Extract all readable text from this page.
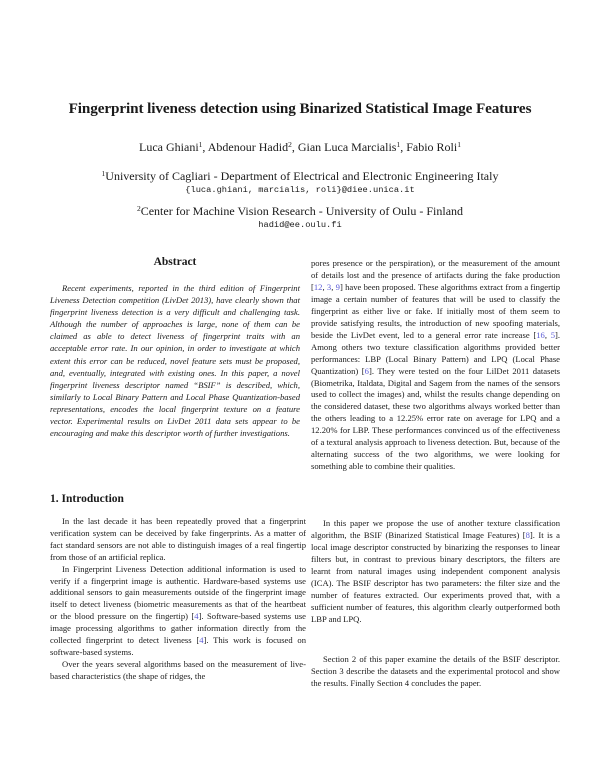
Fingerprint liveness detection using Binarized Statistical Image Features
Luca Ghiani$^1$, Abdenour Hadid$^2$, Gian Luca Marcialis$^1$, Fabio Roli$^1$
$^1$University of Cagliari - Department of Electrical and Electronic Engineering Italy
{luca.ghiani, marcialis, roli}@diee.unica.it
$^2$Center for Machine Vision Research - University of Oulu - Finland
hadid@ee.oulu.fi
Abstract

Recent experiments, reported in the third edition of Fingerprint Liveness Detection competition (LivDet 2013), have clearly shown that fingerprint liveness detection is a very difficult and challenging task. Although the number of approaches is large, none of them can be claimed as able to detect liveness of fingerprint traits with an acceptable error rate. In our opinion, in order to investigate at which extent this error can be reduced, novel feature sets must be proposed, and, eventually, integrated with existing ones. In this paper, a novel fingerprint liveness descriptor named “BSIF” is described, which, similarly to Local Binary Pattern and Local Phase Quantization-based representations, encodes the local fingerprint texture on a feature vector. Experimental results on LivDet 2011 data sets appear to be encouraging and make this descriptor worth of further investigations.

1. Introduction

In the last decade it has been repeatedly proved that a fingerprint verification system can be deceived by fake fingerprints. As a matter of fact standard sensors are not able to distinguish images of a real fingertip from those of an artificial replica.

In Fingerprint Liveness Detection additional information is used to verify if a fingerprint image is authentic. Hardware-based systems use additional sensors to gain measurements outside of the fingerprint image itself to detect liveness (biometric measurements as that of the heartbeat or the blood pressure on the fingertip) [4]. Software-based systems use image processing algorithms to gather information directly from the collected fingerprint to detect liveness [4]. This work is focused on software-based systems.

Over the years several algorithms based on the measurement of live-based characteristics (the shape of ridges, the

pores presence or the perspiration), or the measurement of the amount of details lost and the presence of artifacts during the fake production [12, 3, 9] have been proposed. These algorithms extract from a fingertip image a certain number of features that will be used to classify the fingerprint as either live or fake. If initially most of them seem to provide satisfying results, the introduction of new spoofing materials, beside the LivDet event, led to a general error rate increase [16, 5]. Among others two texture classification algorithms provided better performances: LBP (Local Binary Pattern) and LPQ (Local Phase Quantization) [6]. They were tested on the four LilDet 2011 datasets (Biometrika, Italdata, Digital and Sagem from the names of the sensors used to collect the images) and, whilst the results change depending on the considered dataset, these two algorithms always worked better than the others leading to a 12.25% error rate on average for LPQ and a 12.20% for LBP. These performances convinced us of the effectiveness of a textural analysis approach to liveness detection. But, because of the alternating success of the two algorithms, we were looking for something able to combine their qualities.

In this paper we propose the use of another texture classification algorithm, the BSIF (Binarized Statistical Image Features) [8]. It is a local image descriptor constructed by binarizing the responses to linear filters but, in contrast to previous binary descriptors, the filters are learnt from natural images using independent component analysis (ICA). The BSIF descriptor has two parameters: the filter size and the number of features extracted. Our experiments proved that, with a sufficient number of features, this algorithm clearly outperformed both LBP and LPQ.

Section 2 of this paper examine the details of the BSIF descriptor. Section 3 describe the datasets and the experimental protocol and show the results. Finally Section 4 concludes the paper.
